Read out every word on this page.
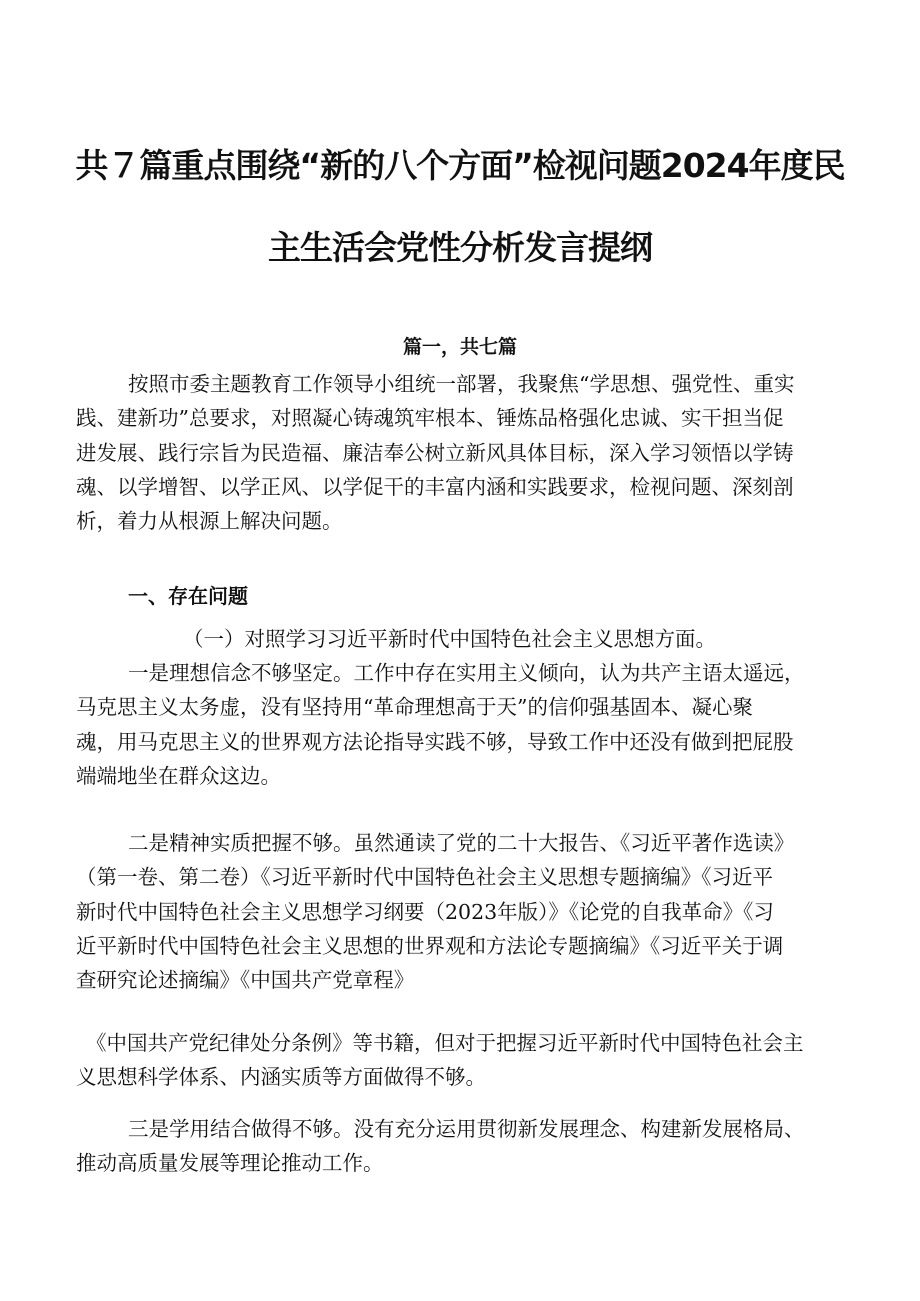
共７篇重点围绕“新的八个方面”检视问题2024年度民
主生活会党性分析发言提纲
篇一，共七篇
按照市委主题教育工作领导小组统一部署，我聚焦“学思想、强党性、重实
践、建新功”总要求，对照凝心铸魂筑牢根本、锤炼品格强化忠诚、实干担当促
进发展、践行宗旨为民造福、廉洁奉公树立新风具体目标，深入学习领悟以学铸
魂、以学增智、以学正风、以学促干的丰富内涵和实践要求，检视问题、深刻剖
析，着力从根源上解决问题。
一、存在问题
（一）对照学习习近平新时代中国特色社会主义思想方面。
一是理想信念不够坚定。工作中存在实用主义倾向，认为共产主语太遥远，
马克思主义太务虚，没有坚持用“革命理想高于天”的信仰强基固本、凝心聚
魂，用马克思主义的世界观方法论指导实践不够，导致工作中还没有做到把屁股
端端地坐在群众这边。
二是精神实质把握不够。虽然通读了党的二十大报告、《习近平著作选读》
（第一卷、第二卷）《习近平新时代中国特色社会主义思想专题摘编》《习近平
新时代中国特色社会主义思想学习纲要（2023年版）》《论党的自我革命》《习
近平新时代中国特色社会主义思想的世界观和方法论专题摘编》《习近平关于调
查研究论述摘编》《中国共产党章程》
《中国共产党纪律处分条例》等书籍，但对于把握习近平新时代中国特色社会主
义思想科学体系、内涵实质等方面做得不够。
三是学用结合做得不够。没有充分运用贯彻新发展理念、构建新发展格局、
推动高质量发展等理论推动工作。
